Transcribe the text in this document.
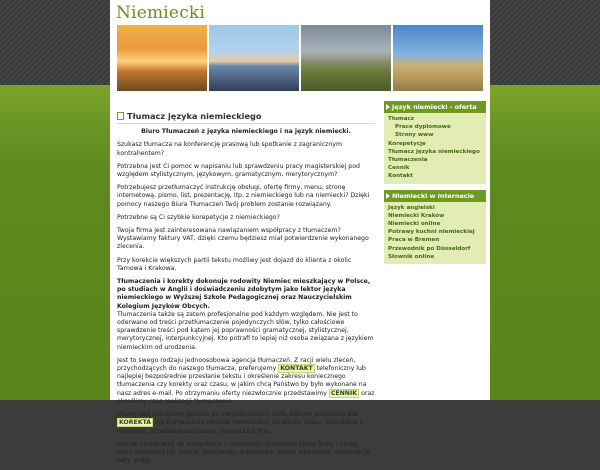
Niemiecki
Tłumacz języka niemieckiego

Biuro Tłumaczeń z języka niemieckiego i na język niemiecki.

Szukasz tłumacza na konferencję prasową lub spotkanie z zagranicznym kontrahentem?

Potrzebna jest Ci pomoc w napisaniu lub sprawdzeniu pracy magisterskiej pod względem stylistycznym, językowym, gramatycznym, merytorycznym?

Potrzebujesz przetłumaczyć instrukcję obsługi, ofertę firmy, menu, stronę internetową, pismo, list, prezentację, itp. z niemieckiego lub na niemiecki? Dzięki pomocy naszego Biura Tłumaczeń Twój problem zostanie rozwiązany.

Potrzebne są Ci szybkie korepetycje z niemieckiego?

Twoja firma jest zainteresowana nawiązaniem współpracy z tłumaczem? Wystawiamy faktury VAT, dzięki czemu będziesz miał potwierdzenie wykonanego zlecenia.

Przy korekcie większych partii tekstu możliwy jest dojazd do klienta z okolic Tarnowa i Krakowa.

Tłumaczenia i korekty dokonuje rodowity Niemiec mieszkający w Polsce, po studiach w Anglii i doświadczeniu zdobytym jako lektor języka niemieckiego w Wyższej Szkole Pedagogicznej oraz Nauczycielskim Kolegium Języków Obcych.
Tłumaczenia także są zatem profesjonalne pod każdym względem. Nie jest to oderwane od treści przetłumaczenie pojedynczych słów, tylko całościowe sprawdzenie treści pod kątem jej poprawności gramatycznej, stylistycznej, merytorycznej, interpunkcyjnej. Kto potrafi to lepiej niż osoba związana z językiem niemieckim od urodzenia.

Jest to swego rodzaju jednoosobowa agencja tłumaczeń. Z racji wielu zleceń, przychodzących do naszego tłumacza, preferujemy KONTAKT telefoniczny lub najlepiej bezpośrednie przesłanie tekstu i określenie zakresu koniecznego tłumaczenia czy korekty oraz czasu, w jakim chcą Państwo by było wykonane na nasz adres e-mail. Po otrzymaniu oferty niezwłocznie przedstawimy CENNIK oraz określimy czas realizacji tłumaczenia.

Ofertę swą kierujemy głównie po indywidualnych osób, którym potrzebna jest KOREKTA lub tłumaczenie tekstów niemieckich do szkoły, pracy, kontaktów z urzędami, przedstawicielstwami niemieckich firm.

Jednak zachęcamy do korzystania z możliwości tłumaczeń także firmy i osoby, które prowadzą np. hotele, pensjonaty, schroniska, domki letniskowe, restauracje, bary, puby,

Język niemiecki - oferta
Tłumacz
Prace dyplomowe
Strony www
Korepetycje
Tłumacz języka niemieckiego
Tłumaczenia
Cennik
Kontakt
Niemiecki w internecie
Język angielski
Niemiecki Kraków
Niemiecki online
Potrawy kuchni niemieckiej
Praca w Bremen
Przewodnik po Düsseldorf
Słownik online
